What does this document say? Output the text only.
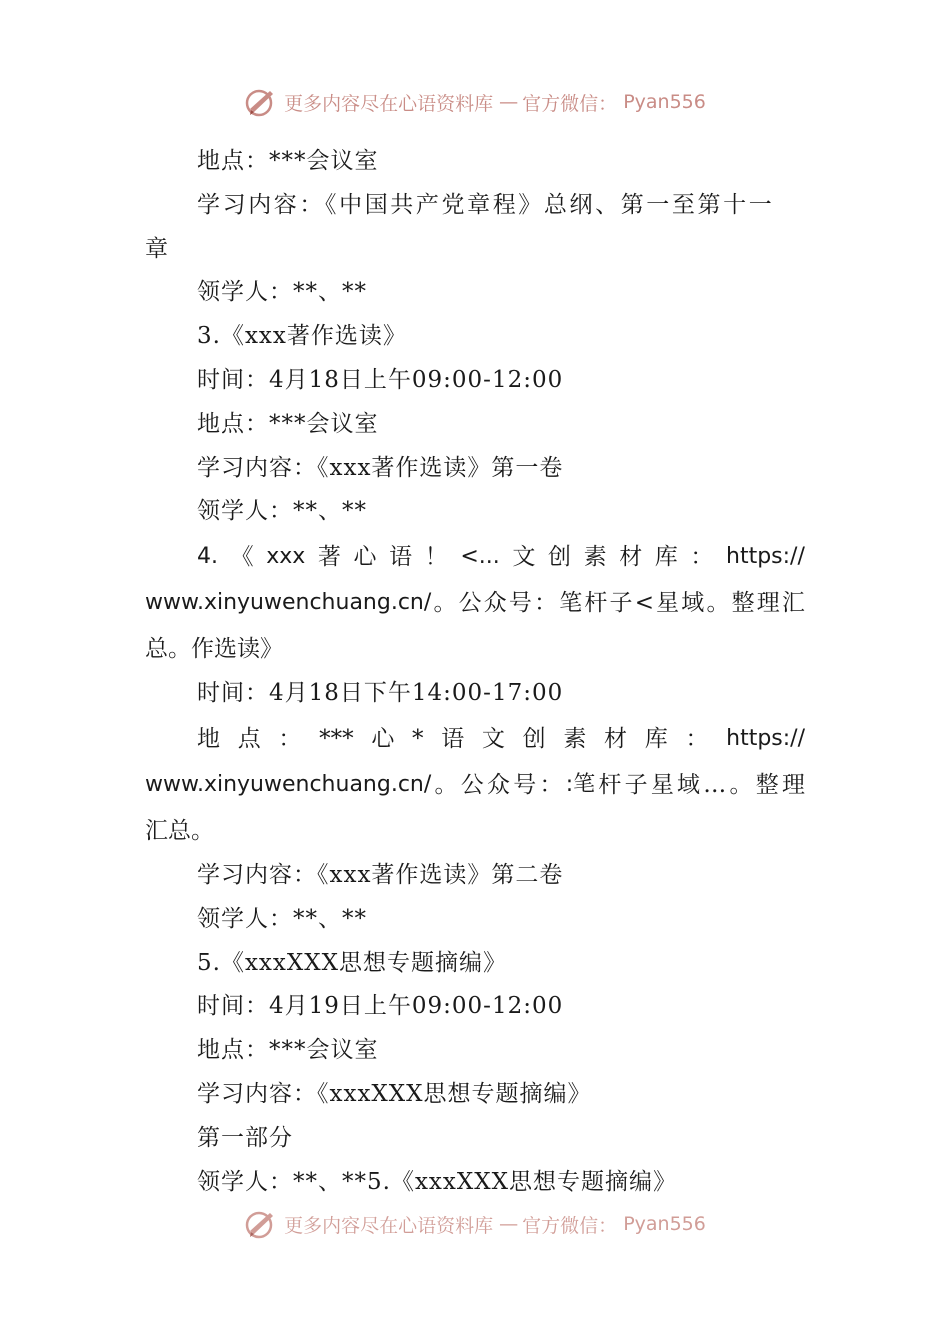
更多内容尽在心语资料库 — 官方微信： Pyan556
地点：***会议室
学习内容：《中国共产党章程》总纲、第一至第十一
章
领学人：**、**
3.《xxx著作选读》
时间：4月18日上午09:00-12:00
地点：***会议室
学习内容：《xxx著作选读》第一卷
领学人：**、**
4. 《 xxx 著 心 语 ！ <... 文 创 素 材 库 ： https://
www.xinyuwenchuang.cn/ 。 公 众 号 ： 笔 杆 子 < 星 域 。 整 理 汇
总。作选读》
时间：4月18日下午14:00-17:00
地 点 ： *** 心 * 语 文 创 素 材 库 ： https://
www.xinyuwenchuang.cn/ 。 公 众 号 ： :笔 杆 子 星 域 … 。 整 理
汇总。
学习内容：《xxx著作选读》第二卷
领学人：**、**
5.《xxxXXX思想专题摘编》
时间：4月19日上午09:00-12:00
地点：***会议室
学习内容：《xxxXXX思想专题摘编》
第一部分
领学人：**、**5.《xxxXXX思想专题摘编》
更多内容尽在心语资料库 — 官方微信： Pyan556
